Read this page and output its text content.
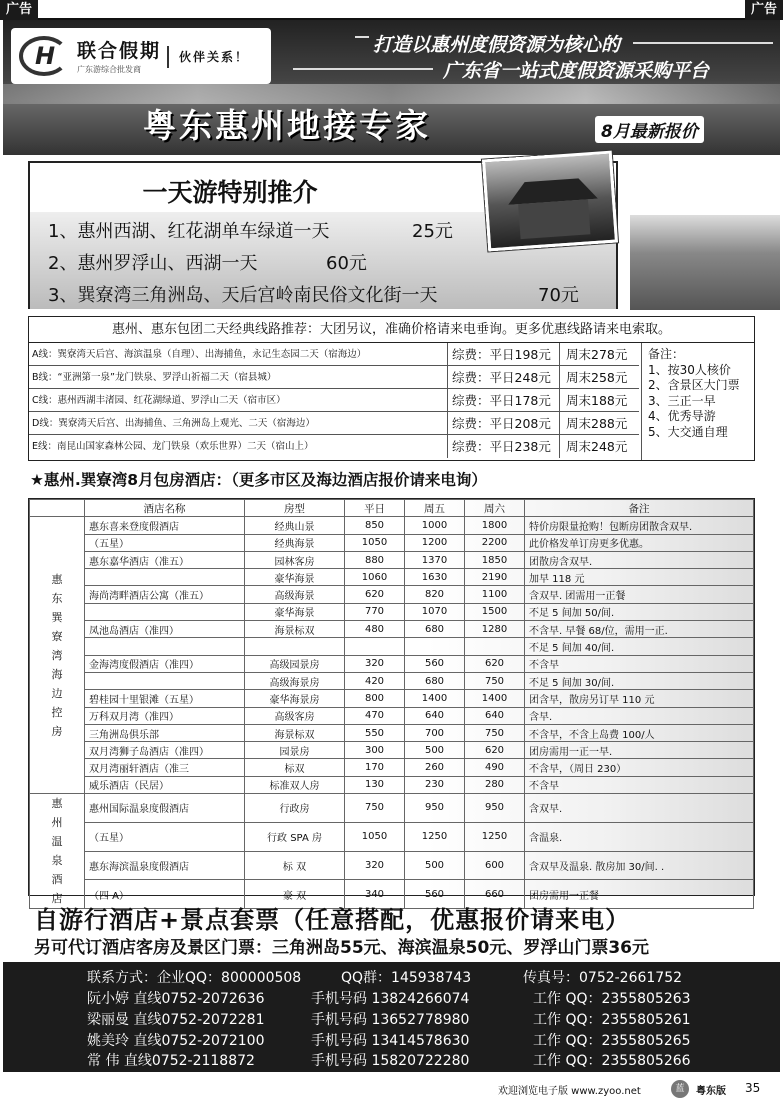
广告	广告
H 联合假期
广东游综合批发商
伙伴关系！
打造以惠州度假资源为核心的
广东省一站式度假资源采购平台
粤东惠州地接专家	8月最新报价
一天游特别推介
1、惠州西湖、红花湖单车绿道一天	25元
2、惠州罗浮山、西湖一天	60元
3、巽寮湾三角洲岛、天后宫岭南民俗文化街一天	70元
惠州、惠东包团二天经典线路推荐：大团另议，准确价格请来电垂询。更多优惠线路请来电索取。
A线：巽寮湾天后宫、海滨温泉（自理）、出海捕鱼，永记生态园二天（宿海边）	综费：平日198元	周末278元
B线：“亚洲第一泉”龙门铁泉、罗浮山祈福二天（宿县城）	综费：平日248元	周末258元
C线：惠州西湖丰渚园、红花湖绿道、罗浮山二天（宿市区）	综费：平日178元	周末188元
D线：巽寮湾天后宫、出海捕鱼、三角洲岛上观光、二天（宿海边）	综费：平日208元	周末288元
E线：南昆山国家森林公园、龙门铁泉（欢乐世界）二天（宿山上）	综费：平日238元	周末248元
备注：
1、按30人核价
2、含景区大门票
3、三正一早
4、优秀导游
5、大交通自理
★惠州.巽寮湾8月包房酒店：（更多市区及海边酒店报价请来电询）
	酒店名称	房型	平日	周五	周六	备注
惠东巽寮湾海边控房	惠东喜来登度假酒店	经典山景	850	1000	1800	特价房限量抢购！包断房团散含双早.
	（五星）	经典海景	1050	1200	2200	此价格发单订房更多优惠。
	惠东嘉华酒店（准五）	园林客房	880	1370	1850	团散房含双早.
		豪华海景	1060	1630	2190	加早 118 元
	海尚湾畔酒店公寓（准五）	高级海景	620	820	1100	含双早. 团需用一正餐
		豪华海景	770	1070	1500	不足 5 间加 50/间.
	凤池岛酒店（准四）	海景标双	480	680	1280	不含早. 早餐 68/位，需用一正.
						不足 5 间加 40/间.
	金海湾度假酒店（准四）	高级园景房	320	560	620	不含早
		高级海景房	420	680	750	不足 5 间加 30/间.
	碧桂园十里银滩（五星）	豪华海景房	800	1400	1400	团含早，散房另订早 110 元
	万科双月湾（准四）	高级客房	470	640	640	含早.
	三角洲岛俱乐部	海景标双	550	700	750	不含早，不含上岛费 100/人
	双月湾狮子岛酒店（准四）	园景房	300	500	620	团房需用一正一早.
	双月湾丽轩酒店（准三	标双	170	260	490	不含早，（周日 230）
	威乐酒店（民居）	标准双人房	130	230	280	不含早
惠州温泉酒店	惠州国际温泉度假酒店	行政房	750	950	950	含双早.
	（五星）	行政 SPA 房	1050	1250	1250	含温泉.
	惠东海滨温泉度假酒店	标 双	320	500	600	含双早及温泉. 散房加 30/间. .
	（四 A）	豪 双	340	560	660	团房需用一正餐
自游行酒店+景点套票（任意搭配，优惠报价请来电）
另可代订酒店客房及景区门票：三角洲岛55元、海滨温泉50元、罗浮山门票36元
联系方式：企业QQ：800000508	QQ群：145938743	传真号：0752-2661752
阮小婷 直线0752-2072636	手机号码 13824266074	工作 QQ：2355805263
梁丽曼 直线0752-2072281	手机号码 13652778980	工作 QQ：2355805261
姚美玲 直线0752-2072100	手机号码 13414578630	工作 QQ：2355805265
常 伟 直线0752-2118872	手机号码 15820722280	工作 QQ：2355805266
欢迎浏览电子版 www.zyoo.net	蓝	粤东版 35
